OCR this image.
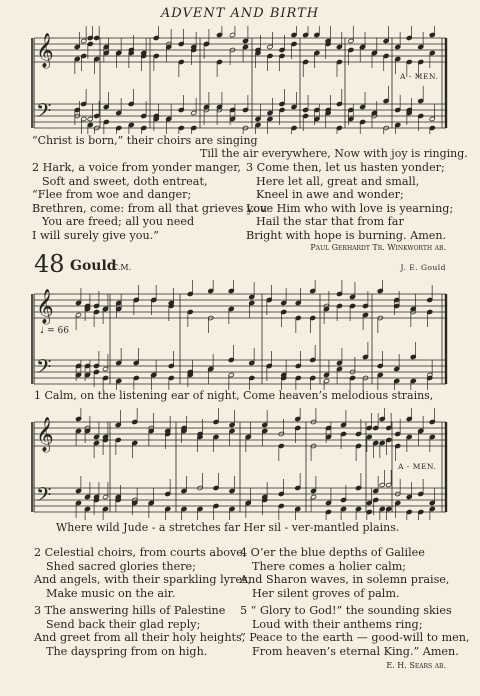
ADVENT AND BIRTH
𝄞
𝄢
A - MEN.
“Christ is born,” their choirs are singing
Till the air everywhere, Now with joy is ringing.
2 Hark, a voice from yonder manger,
Soft and sweet, doth entreat,
“Flee from woe and danger;
Brethren, come: from all that grieves you
You are freed; all you need
I will surely give you.”
3 Come then, let us hasten yonder;
Here let all, great and small,
Kneel in awe and wonder;
Love Him who with love is yearning;
Hail the star that from far
Bright with hope is burning. Amen.
Paul Gerhardt Tr. Winkworth ab.
48 Gould
C.M.	J. E. Gould
𝄞
𝄢
♩ = 66
1 Calm, on the listening ear of night, Come heaven’s melodious strains,
𝄞
𝄢
A - MEN.
Where wild Jude - a stretches far Her sil - ver-mantled plains.
2 Celestial choirs, from courts above,
Shed sacred glories there;
And angels, with their sparkling lyres,
Make music on the air.
4 O’er the blue depths of Galilee
There comes a holier calm;
And Sharon waves, in solemn praise,
Her silent groves of palm.
3 The answering hills of Palestine
Send back their glad reply;
And greet from all their holy heights,
The dayspring from on high.
5 “ Glory to God!” the sounding skies
Loud with their anthems ring;
“ Peace to the earth — good-will to men,
From heaven’s eternal King.” Amen.
E. H. Sears ab.
